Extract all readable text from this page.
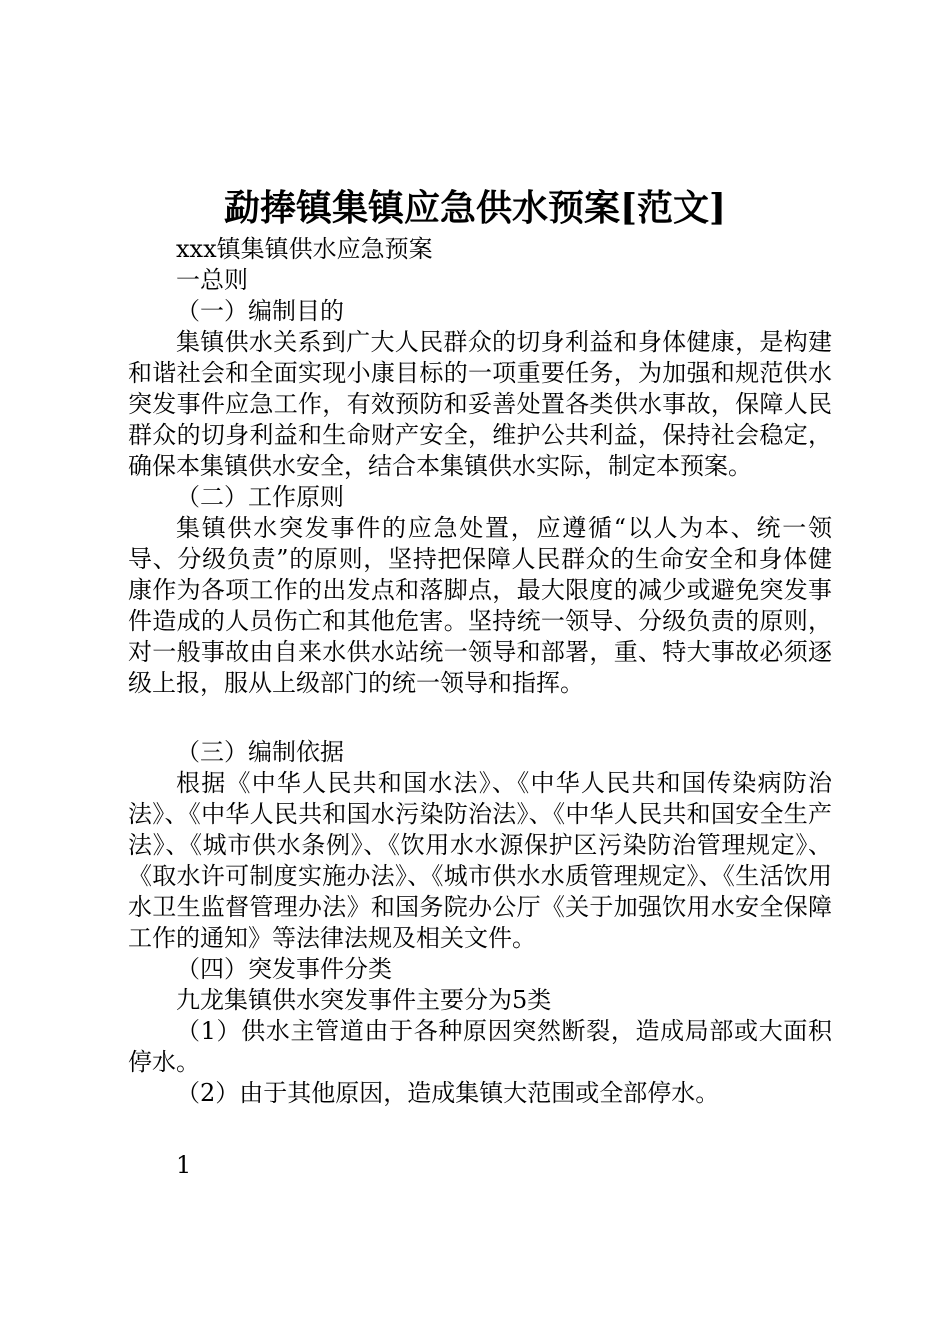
勐捧镇集镇应急供水预案[范文]

xxx镇集镇供水应急预案

一总则

（一）编制目的

集镇供水关系到广大人民群众的切身利益和身体健康，是构建和谐社会和全面实现小康目标的一项重要任务，为加强和规范供水突发事件应急工作，有效预防和妥善处置各类供水事故，保障人民群众的切身利益和生命财产安全，维护公共利益，保持社会稳定，确保本集镇供水安全，结合本集镇供水实际，制定本预案。

（二）工作原则

集镇供水突发事件的应急处置，应遵循“以人为本、统一领导、分级负责”的原则，坚持把保障人民群众的生命安全和身体健康作为各项工作的出发点和落脚点，最大限度的减少或避免突发事件造成的人员伤亡和其他危害。坚持统一领导、分级负责的原则，对一般事故由自来水供水站统一领导和部署，重、特大事故必须逐级上报，服从上级部门的统一领导和指挥。

（三）编制依据

根据《中华人民共和国水法》、《中华人民共和国传染病防治法》、《中华人民共和国水污染防治法》、《中华人民共和国安全生产法》、《城市供水条例》、《饮用水水源保护区污染防治管理规定》、《取水许可制度实施办法》、《城市供水水质管理规定》、《生活饮用水卫生监督管理办法》和国务院办公厅《关于加强饮用水安全保障工作的通知》等法律法规及相关文件。

（四）突发事件分类

九龙集镇供水突发事件主要分为5类

（1）供水主管道由于各种原因突然断裂，造成局部或大面积停水。

（2）由于其他原因，造成集镇大范围或全部停水。

1
